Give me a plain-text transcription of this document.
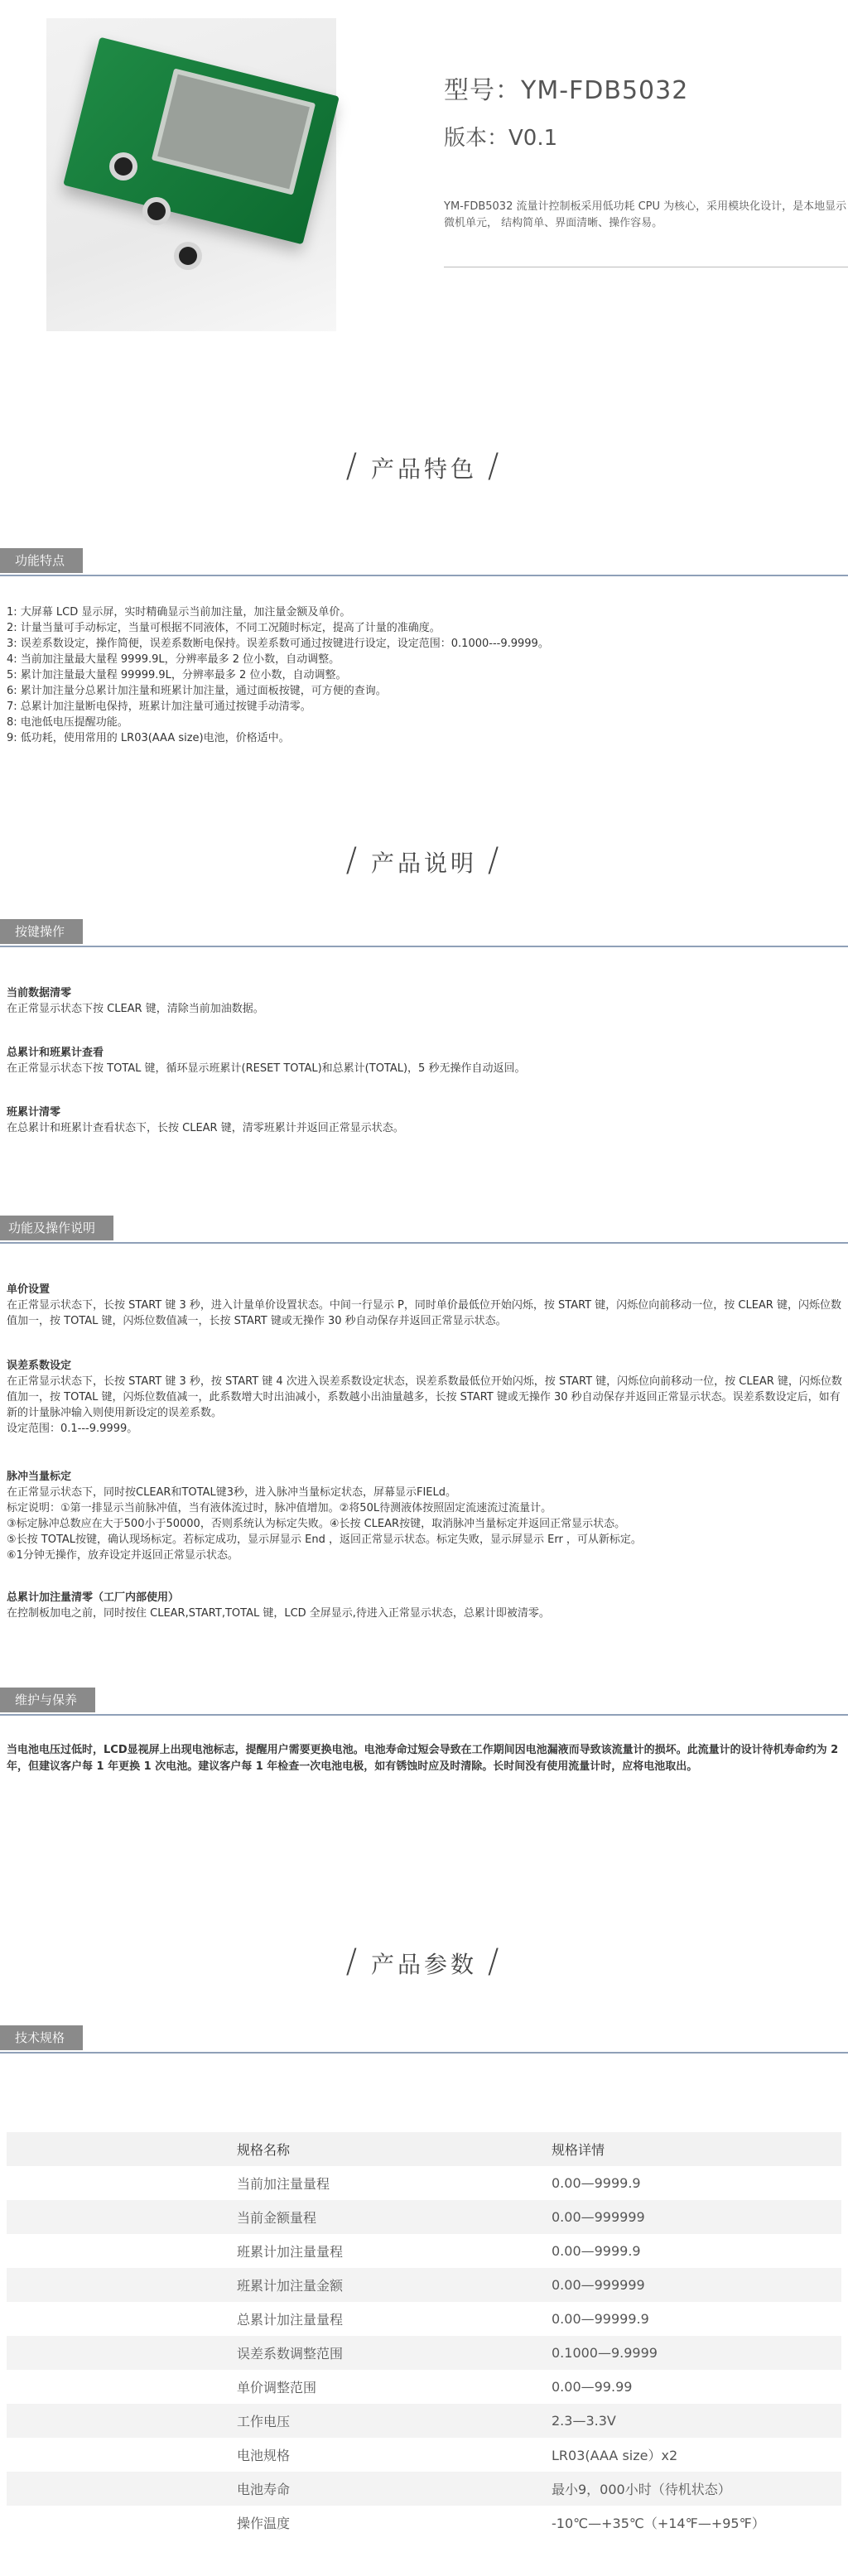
型号：YM-FDB5032
版本：V0.1
YM-FDB5032 流量计控制板采用低功耗 CPU 为核心，采用模块化设计，是本地显示微机单元， 结构简单、界面清晰、操作容易。
/ 产品特色 /
功能特点
1: 大屏幕 LCD 显示屏，实时精确显示当前加注量，加注量金额及单价。
2: 计量当量可手动标定，当量可根据不同液体，不同工况随时标定，提高了计量的准确度。
3: 误差系数设定，操作简便，误差系数断电保持。误差系数可通过按键进行设定，设定范围：0.1000---9.9999。
4: 当前加注量最大量程 9999.9L，分辨率最多 2 位小数，自动调整。
5: 累计加注量最大量程 99999.9L，分辨率最多 2 位小数，自动调整。
6: 累计加注量分总累计加注量和班累计加注量，通过面板按键，可方便的查询。
7: 总累计加注量断电保持，班累计加注量可通过按键手动清零。
8: 电池低电压提醒功能。
9: 低功耗，使用常用的 LR03(AAA size)电池，价格适中。
/ 产品说明 /
按键操作
当前数据清零
在正常显示状态下按 CLEAR 键，清除当前加油数据。
总累计和班累计查看
在正常显示状态下按 TOTAL 键，循环显示班累计(RESET TOTAL)和总累计(TOTAL)，5 秒无操作自动返回。
班累计清零
在总累计和班累计查看状态下，长按 CLEAR 键，清零班累计并返回正常显示状态。
功能及操作说明
单价设置
在正常显示状态下，长按 START 键 3 秒，进入计量单价设置状态。中间一行显示 P，同时单价最低位开始闪烁，按 START 键，闪烁位向前移动一位，按 CLEAR 键，闪烁位数值加一，按 TOTAL 键，闪烁位数值减一，长按 START 键或无操作 30 秒自动保存并返回正常显示状态。
误差系数设定
在正常显示状态下，长按 START 键 3 秒，按 START 键 4 次进入误差系数设定状态，误差系数最低位开始闪烁，按 START 键，闪烁位向前移动一位，按 CLEAR 键，闪烁位数值加一，按 TOTAL 键，闪烁位数值减一，此系数增大时出油减小，系数越小出油量越多，长按 START 键或无操作 30 秒自动保存并返回正常显示状态。误差系数设定后，如有新的计量脉冲输入则使用新设定的误差系数。
设定范围：0.1---9.9999。
脉冲当量标定
在正常显示状态下，同时按CLEAR和TOTAL键3秒，进入脉冲当量标定状态，屏幕显示FIELd。
标定说明：①第一排显示当前脉冲值，当有液体流过时，脉冲值增加。②将50L待测液体按照固定流速流过流量计。
③标定脉冲总数应在大于500小于50000，否则系统认为标定失败。④长按 CLEAR按键，取消脉冲当量标定并返回正常显示状态。
⑤长按 TOTAL按键，确认现场标定。若标定成功，显示屏显示 End ，返回正常显示状态。标定失败，显示屏显示 Err ，可从新标定。
⑥1分钟无操作，放弃设定并返回正常显示状态。
总累计加注量清零（工厂内部使用）
在控制板加电之前，同时按住 CLEAR,START,TOTAL 键，LCD 全屏显示,待进入正常显示状态，总累计即被清零。
维护与保养
当电池电压过低时，LCD显视屏上出现电池标志，提醒用户需要更换电池。电池寿命过短会导致在工作期间因电池漏液而导致该流量计的损坏。此流量计的设计待机寿命约为 2年，但建议客户每 1 年更换 1 次电池。建议客户每 1 年检查一次电池电极，如有锈蚀时应及时清除。长时间没有使用流量计时，应将电池取出。
/ 产品参数 /
技术规格
规格名称	规格详情
当前加注量量程	0.00—9999.9
当前金额量程	0.00—999999
班累计加注量量程	0.00—9999.9
班累计加注量金额	0.00—999999
总累计加注量量程	0.00—99999.9
误差系数调整范围	0.1000—9.9999
单价调整范围	0.00—99.99
工作电压	2.3—3.3V
电池规格	LR03(AAA size）x2
电池寿命	最小9，000小时（待机状态）
操作温度	-10℃—+35℃（+14℉—+95℉）
